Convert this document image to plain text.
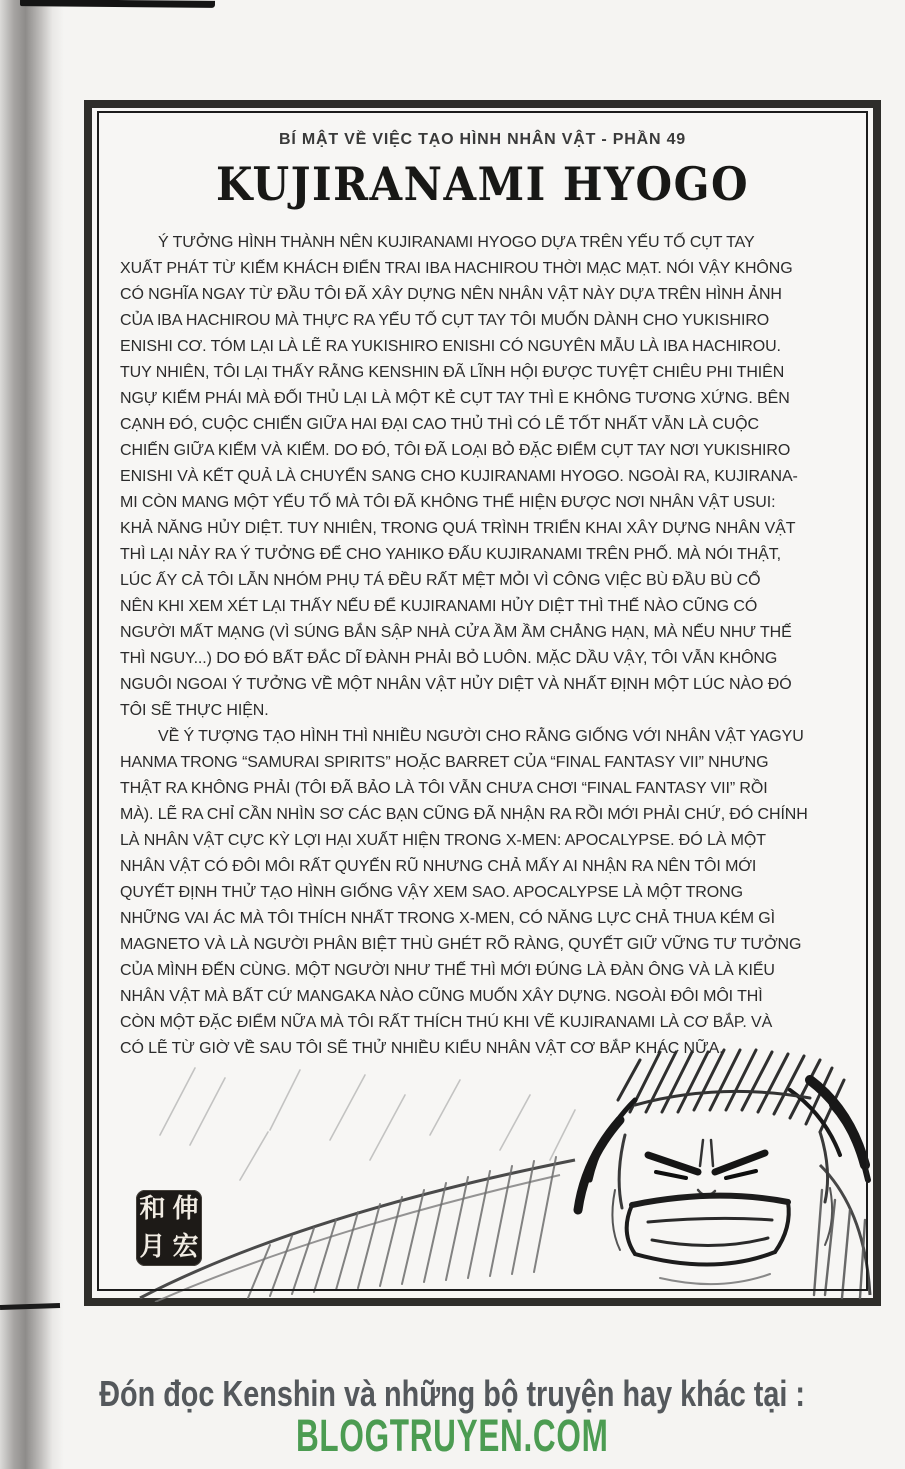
BÍ MẬT VỀ VIỆC TẠO HÌNH NHÂN VẬT - PHẦN 49
KUJIRANAMI HYOGO
Ý TƯỞNG HÌNH THÀNH NÊN KUJIRANAMI HYOGO DỰA TRÊN YẾU TỐ CỤT TAY
XUẤT PHÁT TỪ KIẾM KHÁCH ĐIỂN TRAI IBA HACHIROU THỜI MẠC MẠT. NÓI VẬY KHÔNG
CÓ NGHĨA NGAY TỪ ĐẦU TÔI ĐÃ XÂY DỰNG NÊN NHÂN VẬT NÀY DỰA TRÊN HÌNH ẢNH
CỦA IBA HACHIROU MÀ THỰC RA YẾU TỐ CỤT TAY TÔI MUỐN DÀNH CHO YUKISHIRO
ENISHI CƠ. TÓM LẠI LÀ LẼ RA YUKISHIRO ENISHI CÓ NGUYÊN MẪU LÀ IBA HACHIROU.
TUY NHIÊN, TÔI LẠI THẤY RẰNG KENSHIN ĐÃ LĨNH HỘI ĐƯỢC TUYỆT CHIÊU PHI THIÊN
NGỰ KIẾM PHÁI MÀ ĐỐI THỦ LẠI LÀ MỘT KẺ CỤT TAY THÌ E KHÔNG TƯƠNG XỨNG. BÊN
CẠNH ĐÓ, CUỘC CHIẾN GIỮA HAI ĐẠI CAO THỦ THÌ CÓ LẼ TỐT NHẤT VẪN LÀ CUỘC
CHIẾN GIỮA KIẾM VÀ KIẾM. DO ĐÓ, TÔI ĐÃ LOẠI BỎ ĐẶC ĐIỂM CỤT TAY NƠI YUKISHIRO
ENISHI VÀ KẾT QUẢ LÀ CHUYỂN SANG CHO KUJIRANAMI HYOGO. NGOÀI RA, KUJIRANA-
MI CÒN MANG MỘT YẾU TỐ MÀ TÔI ĐÃ KHÔNG THỂ HIỆN ĐƯỢC NƠI NHÂN VẬT USUI:
KHẢ NĂNG HỦY DIỆT. TUY NHIÊN, TRONG QUÁ TRÌNH TRIỂN KHAI XÂY DỰNG NHÂN VẬT
THÌ LẠI NẢY RA Ý TƯỞNG ĐỂ CHO YAHIKO ĐẤU KUJIRANAMI TRÊN PHỐ. MÀ NÓI THẬT,
LÚC ẤY CẢ TÔI LẪN NHÓM PHỤ TÁ ĐỀU RẤT MỆT MỎI VÌ CÔNG VIỆC BÙ ĐẦU BÙ CỔ
NÊN KHI XEM XÉT LẠI THẤY NẾU ĐỂ KUJIRANAMI HỦY DIỆT THÌ THẾ NÀO CŨNG CÓ
NGƯỜI MẤT MẠNG (VÌ SÚNG BẮN SẬP NHÀ CỬA ẦM ẦM CHẲNG HẠN, MÀ NẾU NHƯ THẾ
THÌ NGUY...) DO ĐÓ BẤT ĐẮC DĨ ĐÀNH PHẢI BỎ LUÔN. MẶC DẦU VẬY, TÔI VẪN KHÔNG
NGUÔI NGOAI Ý TƯỞNG VỀ MỘT NHÂN VẬT HỦY DIỆT VÀ NHẤT ĐỊNH MỘT LÚC NÀO ĐÓ
TÔI SẼ THỰC HIỆN.
VỀ Ý TƯỢNG TẠO HÌNH THÌ NHIỀU NGƯỜI CHO RẰNG GIỐNG VỚI NHÂN VẬT YAGYU
HANMA TRONG “SAMURAI SPIRITS” HOẶC BARRET CỦA “FINAL FANTASY VII” NHƯNG
THẬT RA KHÔNG PHẢI (TÔI ĐÃ BẢO LÀ TÔI VẪN CHƯA CHƠI “FINAL FANTASY VII” RỒI
MÀ). LẼ RA CHỈ CẦN NHÌN SƠ CÁC BẠN CŨNG ĐÃ NHẬN RA RỒI MỚI PHẢI CHỨ, ĐÓ CHÍNH
LÀ NHÂN VẬT CỰC KỲ LỢI HẠI XUẤT HIỆN TRONG X-MEN: APOCALYPSE. ĐÓ LÀ MỘT
NHÂN VẬT CÓ ĐÔI MÔI RẤT QUYẾN RŨ NHƯNG CHẢ MẤY AI NHẬN RA NÊN TÔI MỚI
QUYẾT ĐỊNH THỬ TẠO HÌNH GIỐNG VẬY XEM SAO. APOCALYPSE LÀ MỘT TRONG
NHỮNG VAI ÁC MÀ TÔI THÍCH NHẤT TRONG X-MEN, CÓ NĂNG LỰC CHẢ THUA KÉM GÌ
MAGNETO VÀ LÀ NGƯỜI PHÂN BIỆT THÙ GHÉT RÕ RÀNG, QUYẾT GIỮ VỮNG TƯ TƯỞNG
CỦA MÌNH ĐẾN CÙNG. MỘT NGƯỜI NHƯ THẾ THÌ MỚI ĐÚNG LÀ ĐÀN ÔNG VÀ LÀ KIỂU
NHÂN VẬT MÀ BẤT CỨ MANGAKA NÀO CŨNG MUỐN XÂY DỰNG. NGOÀI ĐÔI MÔI THÌ
CÒN MỘT ĐẶC ĐIỂM NỮA MÀ TÔI RẤT THÍCH THÚ KHI VẼ KUJIRANAMI LÀ CƠ BẮP. VÀ
CÓ LẼ TỪ GIỜ VỀ SAU TÔI SẼ THỬ NHIỀU KIỂU NHÂN VẬT CƠ BẮP KHÁC NỮA.
和 伸
月 宏
Đón đọc Kenshin và những bộ truyện hay khác tại :
BLOGTRUYEN.COM
